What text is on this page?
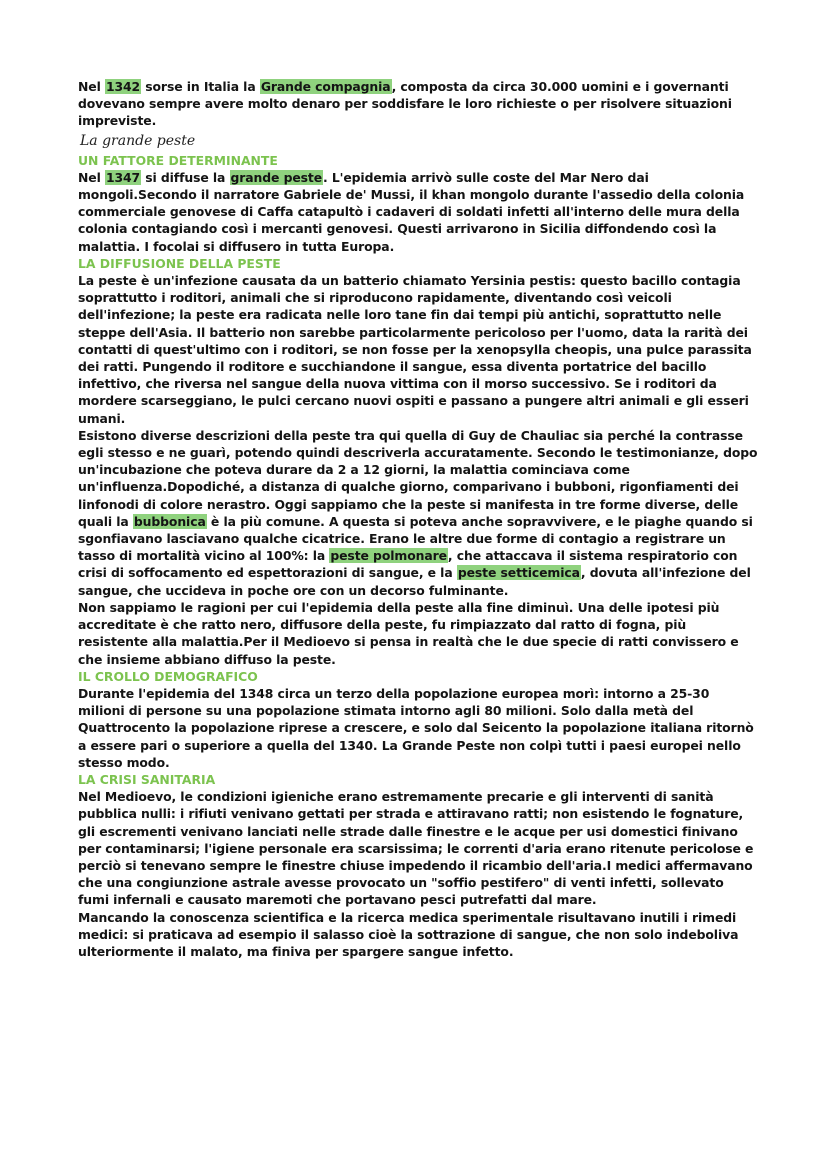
Nel 1342 sorse in Italia la Grande compagnia, composta da circa 30.000 uomini e i governanti dovevano sempre avere molto denaro per soddisfare le loro richieste o per risolvere situazioni impreviste.

La grande peste
UN FATTORE DETERMINANTE

Nel 1347 si diffuse la grande peste. L'epidemia arrivò sulle coste del Mar Nero dai mongoli.Secondo il narratore Gabriele de' Mussi, il khan mongolo durante l'assedio della colonia commerciale genovese di Caffa catapultò i cadaveri di soldati infetti all'interno delle mura della colonia contagiando così i mercanti genovesi. Questi arrivarono in Sicilia diffondendo così la malattia. I focolai si diffusero in tutta Europa.

LA DIFFUSIONE DELLA PESTE

La peste è un'infezione causata da un batterio chiamato Yersinia pestis: questo bacillo contagia soprattutto i roditori, animali che si riproducono rapidamente, diventando così veicoli dell'infezione; la peste era radicata nelle loro tane fin dai tempi più antichi, soprattutto nelle steppe dell'Asia. Il batterio non sarebbe particolarmente pericoloso per l'uomo, data la rarità dei contatti di quest'ultimo con i roditori, se non fosse per la xenopsylla cheopis, una pulce parassita dei ratti. Pungendo il roditore e succhiandone il sangue, essa diventa portatrice del bacillo infettivo, che riversa nel sangue della nuova vittima con il morso successivo. Se i roditori da mordere scarseggiano, le pulci cercano nuovi ospiti e passano a pungere altri animali e gli esseri umani.

Esistono diverse descrizioni della peste tra qui quella di Guy de Chauliac sia perché la contrasse egli stesso e ne guarì, potendo quindi descriverla accuratamente. Secondo le testimonianze, dopo un'incubazione che poteva durare da 2 a 12 giorni, la malattia cominciava come un'influenza.Dopodiché, a distanza di qualche giorno, comparivano i bubboni, rigonfiamenti dei linfonodi di colore nerastro. Oggi sappiamo che la peste si manifesta in tre forme diverse, delle quali la bubbonica è la più comune. A questa si poteva anche sopravvivere, e le piaghe quando si sgonfiavano lasciavano qualche cicatrice. Erano le altre due forme di contagio a registrare un tasso di mortalità vicino al 100%: la peste polmonare, che attaccava il sistema respiratorio con crisi di soffocamento ed espettorazioni di sangue, e la peste setticemica, dovuta all'infezione del sangue, che uccideva in poche ore con un decorso fulminante.

Non sappiamo le ragioni per cui l'epidemia della peste alla fine diminuì. Una delle ipotesi più accreditate è che ratto nero, diffusore della peste, fu rimpiazzato dal ratto di fogna, più resistente alla malattia.Per il Medioevo si pensa in realtà che le due specie di ratti convissero e che insieme abbiano diffuso la peste.

IL CROLLO DEMOGRAFICO

Durante l'epidemia del 1348 circa un terzo della popolazione europea morì: intorno a 25-30 milioni di persone su una popolazione stimata intorno agli 80 milioni. Solo dalla metà del Quattrocento la popolazione riprese a crescere, e solo dal Seicento la popolazione italiana ritornò a essere pari o superiore a quella del 1340. La Grande Peste non colpì tutti i paesi europei nello stesso modo.

LA CRISI SANITARIA

Nel Medioevo, le condizioni igieniche erano estremamente precarie e gli interventi di sanità pubblica nulli: i rifiuti venivano gettati per strada e attiravano ratti; non esistendo le fognature, gli escrementi venivano lanciati nelle strade dalle finestre e le acque per usi domestici finivano per contaminarsi; l'igiene personale era scarsissima; le correnti d'aria erano ritenute pericolose e perciò si tenevano sempre le finestre chiuse impedendo il ricambio dell'aria.I medici affermavano che una congiunzione astrale avesse provocato un "soffio pestifero" di venti infetti, sollevato fumi infernali e causato maremoti che portavano pesci putrefatti dal mare.

Mancando la conoscenza scientifica e la ricerca medica sperimentale risultavano inutili i rimedi medici: si praticava ad esempio il salasso cioè la sottrazione di sangue, che non solo indeboliva ulteriormente il malato, ma finiva per spargere sangue infetto.
